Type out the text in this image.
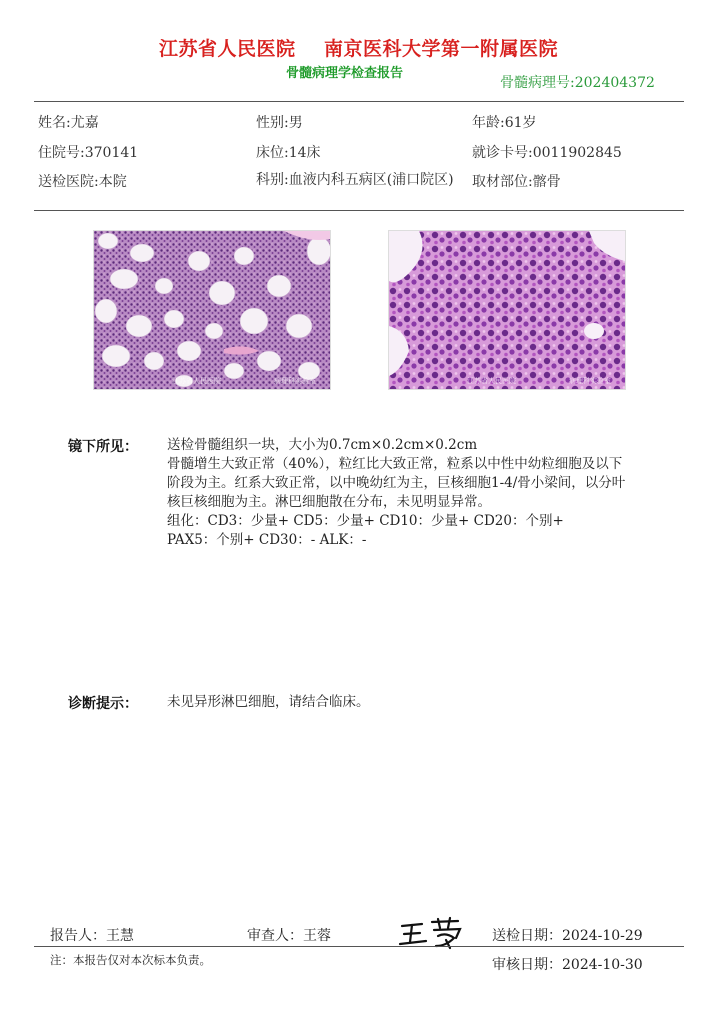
江苏省人民医院 南京医科大学第一附属医院
骨髓病理学检查报告
骨髓病理号:202404372
姓名:尤嘉	性别:男	年龄:61岁
住院号:370141	床位:14床	就诊卡号:0011902845
送检医院:本院	科别:血液内科五病区(浦口院区) 取材部位:髂骨
江苏省人民医院	病理科实验室	江苏省人民医院	病理科实验室
镜下所见： 送检骨髓组织一块，大小为0.7cm×0.2cm×0.2cm

骨髓增生大致正常（40%），粒红比大致正常，粒系以中性中幼粒细胞及以下阶段为主。红系大致正常，以中晚幼红为主，巨核细胞1-4/骨小梁间，以分叶核巨核细胞为主。淋巴细胞散在分布，未见明显异常。

组化：CD3：少量+ CD5：少量+ CD10：少量+ CD20：个别+ PAX5：个别+ CD30：- ALK：-

诊断提示： 未见异形淋巴细胞，请结合临床。
报告人：王慧	审查人：王蓉	送检日期：2024-10-29
注：本报告仅对本次标本负责。	审核日期：2024-10-30
